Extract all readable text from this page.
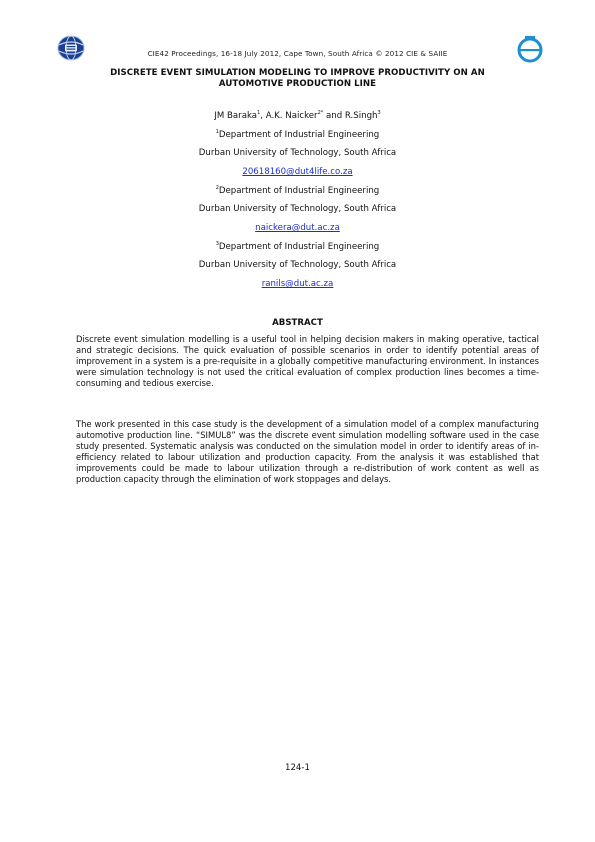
CIE42 Proceedings, 16-18 July 2012, Cape Town, South Africa © 2012 CIE & SAIIE
DISCRETE EVENT SIMULATION MODELING TO IMPROVE PRODUCTIVITY ON AN
AUTOMOTIVE PRODUCTION LINE
JM Baraka$^1$, A.K. Naicker$^{2*}$ and R.Singh$^3$
$^1$Department of Industrial Engineering
Durban University of Technology, South Africa
20618160@dut4life.co.za
$^2$Department of Industrial Engineering
Durban University of Technology, South Africa
naickera@dut.ac.za
$^3$Department of Industrial Engineering
Durban University of Technology, South Africa
ranils@dut.ac.za
ABSTRACT

Discrete event simulation modelling is a useful tool in helping decision makers in making operative, tactical and strategic decisions. The quick evaluation of possible scenarios in order to identify potential areas of improvement in a system is a pre-requisite in a globally competitive manufacturing environment. In instances were simulation technology is not used the critical evaluation of complex production lines becomes a time-consuming and tedious exercise.

The work presented in this case study is the development of a simulation model of a complex manufacturing automotive production line. “SIMUL8” was the discrete event simulation modelling software used in the case study presented. Systematic analysis was conducted on the simulation model in order to identify areas of in-efficiency related to labour utilization and production capacity. From the analysis it was established that improvements could be made to labour utilization through a re-distribution of work content as well as production capacity through the elimination of work stoppages and delays.

124-1
